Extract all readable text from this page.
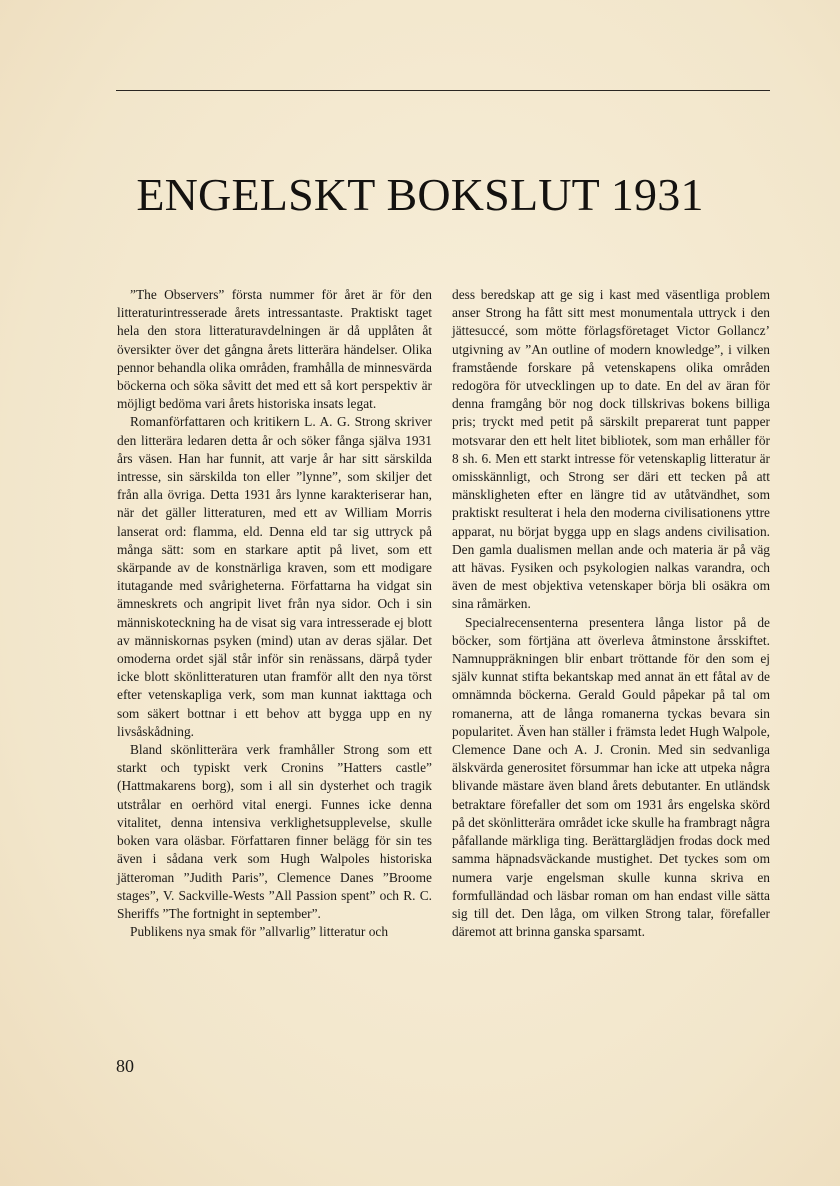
ENGELSKT BOKSLUT 1931

”The Observers” första nummer för året är för den litteraturintresserade årets intressantaste. Praktiskt taget hela den stora litteraturavdelningen är då upplåten åt översikter över det gångna årets litterära händelser. Olika pennor behandla olika områden, framhålla de minnesvärda böckerna och söka såvitt det med ett så kort perspektiv är möjligt bedöma vari årets historiska insats legat.

Romanförfattaren och kritikern L. A. G. Strong skriver den litterära ledaren detta år och söker fånga själva 1931 års väsen. Han har funnit, att varje år har sitt särskilda intresse, sin särskilda ton eller ”lynne”, som skiljer det från alla övriga. Detta 1931 års lynne karakteriserar han, när det gäller litteraturen, med ett av William Morris lanserat ord: flamma, eld. Denna eld tar sig uttryck på många sätt: som en starkare aptit på livet, som ett skärpande av de konstnärliga kraven, som ett modigare itutagande med svårigheterna. Författarna ha vidgat sin ämneskrets och angripit livet från nya sidor. Och i sin människoteckning ha de visat sig vara intresserade ej blott av människornas psyken (mind) utan av deras själar. Det omoderna ordet själ står inför sin renässans, därpå tyder icke blott skönlitteraturen utan framför allt den nya törst efter vetenskapliga verk, som man kunnat iakttaga och som säkert bottnar i ett behov att bygga upp en ny livsåskådning.

Bland skönlitterära verk framhåller Strong som ett starkt och typiskt verk Cronins ”Hatters castle” (Hattmakarens borg), som i all sin dysterhet och tragik utstrålar en oerhörd vital energi. Funnes icke denna vitalitet, denna intensiva verklighetsupplevelse, skulle boken vara oläsbar. Författaren finner belägg för sin tes även i sådana verk som Hugh Walpoles historiska jätteroman ”Judith Paris”, Clemence Danes ”Broome stages”, V. Sackville-Wests ”All Passion spent” och R. C. Sheriffs ”The fortnight in september”.

Publikens nya smak för ”allvarlig” litteratur och

dess beredskap att ge sig i kast med väsentliga problem anser Strong ha fått sitt mest monumentala uttryck i den jättesuccé, som mötte förlagsföretaget Victor Gollancz’ utgivning av ”An outline of modern knowledge”, i vilken framstående forskare på vetenskapens olika områden redogöra för utvecklingen up to date. En del av äran för denna framgång bör nog dock tillskrivas bokens billiga pris; tryckt med petit på särskilt preparerat tunt papper motsvarar den ett helt litet bibliotek, som man erhåller för 8 sh. 6. Men ett starkt intresse för vetenskaplig litteratur är omisskännligt, och Strong ser däri ett tecken på att mänskligheten efter en längre tid av utåtvändhet, som praktiskt resulterat i hela den moderna civilisationens yttre apparat, nu börjat bygga upp en slags andens civilisation. Den gamla dualismen mellan ande och materia är på väg att hävas. Fysiken och psykologien nalkas varandra, och även de mest objektiva vetenskaper börja bli osäkra om sina råmärken.

Specialrecensenterna presentera långa listor på de böcker, som förtjäna att överleva åtminstone årsskiftet. Namnuppräkningen blir enbart tröttande för den som ej själv kunnat stifta bekantskap med annat än ett fåtal av de omnämnda böckerna. Gerald Gould påpekar på tal om romanerna, att de långa romanerna tyckas bevara sin popularitet. Även han ställer i främsta ledet Hugh Walpole, Clemence Dane och A. J. Cronin. Med sin sedvanliga älskvärda generositet försummar han icke att utpeka några blivande mästare även bland årets debutanter. En utländsk betraktare förefaller det som om 1931 års engelska skörd på det skönlitterära området icke skulle ha frambragt några påfallande märkliga ting. Berättarglädjen frodas dock med samma häpnadsväckande mustighet. Det tyckes som om numera varje engelsman skulle kunna skriva en formfulländad och läsbar roman om han endast ville sätta sig till det. Den låga, om vilken Strong talar, förefaller däremot att brinna ganska sparsamt.

80
